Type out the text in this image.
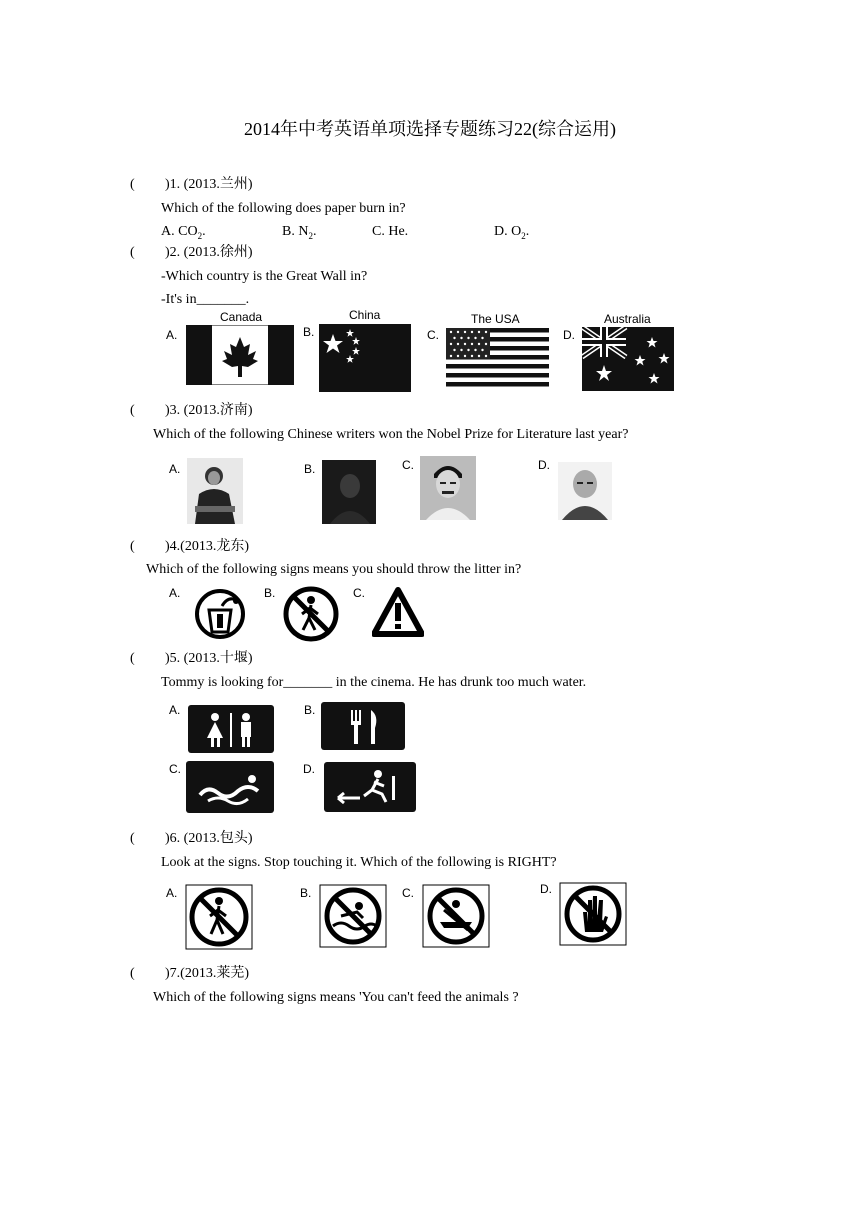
2014年中考英语单项选择专题练习22(综合运用)
( )1. (2013.兰州)
Which of the following does paper burn in?
A. $CO_2$.	B. $N_2$.	C. He.	D. $O_2$.
( )2. (2013.徐州)
-Which country is the Great Wall in?
-It's in_______.
A.
Canada
B.
China
C.
The USA
D.
Australia
( )3. (2013.济南)
Which of the following Chinese writers won the Nobel Prize for Literature last year?
A.	B.	C.	D.
( )4.(2013.龙东)
Which of the following signs means you should throw the litter in?
A.	B.	C.
( )5. (2013.十堰)
Tommy is looking for_______ in the cinema. He has drunk too much water.
A.	B.
C.	D.
( )6. (2013.包头)
Look at the signs. Stop touching it. Which of the following is RIGHT?
A.	B.	C.	D.
( )7.(2013.莱芜)
Which of the following signs means 'You can't feed the animals ?
